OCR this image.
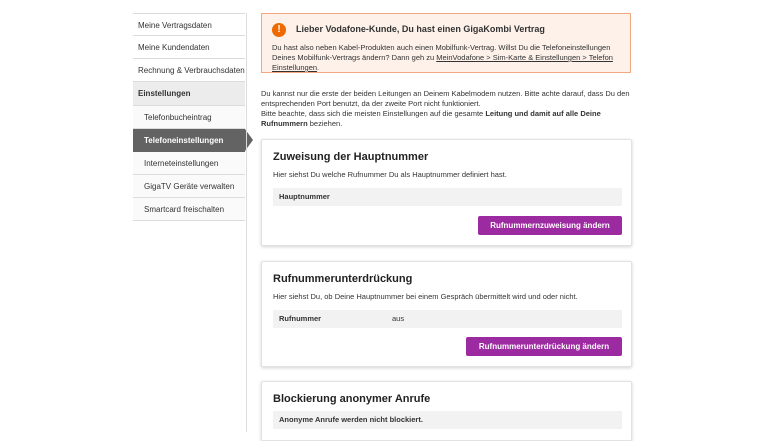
Meine Vertragsdaten
Meine Kundendaten
Rechnung & Verbrauchsdaten
Einstellungen
Telefonbucheintrag
Telefoneinstellungen
Interneteinstellungen
GigaTV Geräte verwalten
Smartcard freischalten
!	Lieber Vodafone-Kunde, Du hast einen GigaKombi Vertrag
Du hast also neben Kabel-Produkten auch einen Mobilfunk-Vertrag. Willst Du die Telefoneinstellungen Deines Mobilfunk-Vertrags ändern? Dann geh zu MeinVodafone > Sim-Karte & Einstellungen > Telefon Einstellungen.
Du kannst nur die erste der beiden Leitungen an Deinem Kabelmodem nutzen. Bitte achte darauf, dass Du den entsprechenden Port benutzt, da der zweite Port nicht funktioniert.
Bitte beachte, dass sich die meisten Einstellungen auf die gesamte Leitung und damit auf alle Deine Rufnummern beziehen.
Zuweisung der Hauptnummer
Hier siehst Du welche Rufnummer Du als Hauptnummer definiert hast.
Hauptnummer
Rufnummernzuweisung ändern
Rufnummerunterdrückung
Hier siehst Du, ob Deine Hauptnummer bei einem Gespräch übermittelt wird und oder nicht.
Rufnummer	aus
Rufnummerunterdrückung ändern
Blockierung anonymer Anrufe
Anonyme Anrufe werden nicht blockiert.
